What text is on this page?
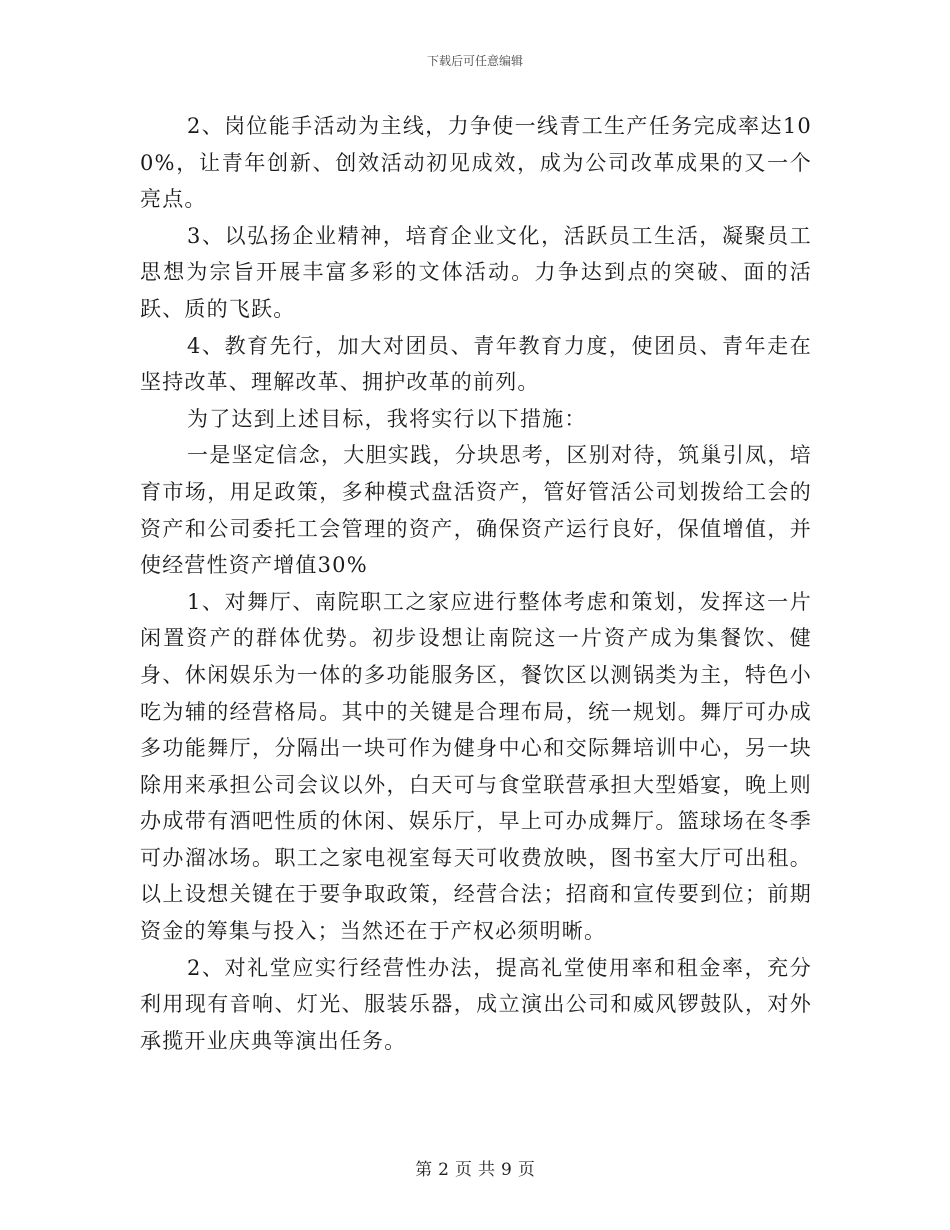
下载后可任意编辑

2、岗位能手活动为主线，力争使一线青工生产任务完成率达100%，让青年创新、创效活动初见成效，成为公司改革成果的又一个亮点。

3、以弘扬企业精神，培育企业文化，活跃员工生活，凝聚员工思想为宗旨开展丰富多彩的文体活动。力争达到点的突破、面的活跃、质的飞跃。

4、教育先行，加大对团员、青年教育力度，使团员、青年走在坚持改革、理解改革、拥护改革的前列。

为了达到上述目标，我将实行以下措施：

一是坚定信念，大胆实践，分块思考，区别对待，筑巢引凤，培育市场，用足政策，多种模式盘活资产，管好管活公司划拨给工会的资产和公司委托工会管理的资产，确保资产运行良好，保值增值，并使经营性资产增值30%

1、对舞厅、南院职工之家应进行整体考虑和策划，发挥这一片闲置资产的群体优势。初步设想让南院这一片资产成为集餐饮、健身、休闲娱乐为一体的多功能服务区，餐饮区以测锅类为主，特色小吃为辅的经营格局。其中的关键是合理布局，统一规划。舞厅可办成多功能舞厅，分隔出一块可作为健身中心和交际舞培训中心，另一块除用来承担公司会议以外，白天可与食堂联营承担大型婚宴，晚上则办成带有酒吧性质的休闲、娱乐厅，早上可办成舞厅。篮球场在冬季可办溜冰场。职工之家电视室每天可收费放映，图书室大厅可出租。以上设想关键在于要争取政策，经营合法；招商和宣传要到位；前期资金的筹集与投入；当然还在于产权必须明晰。

2、对礼堂应实行经营性办法，提高礼堂使用率和租金率，充分利用现有音响、灯光、服装乐器，成立演出公司和威风锣鼓队，对外承揽开业庆典等演出任务。

第 2 页 共 9 页
